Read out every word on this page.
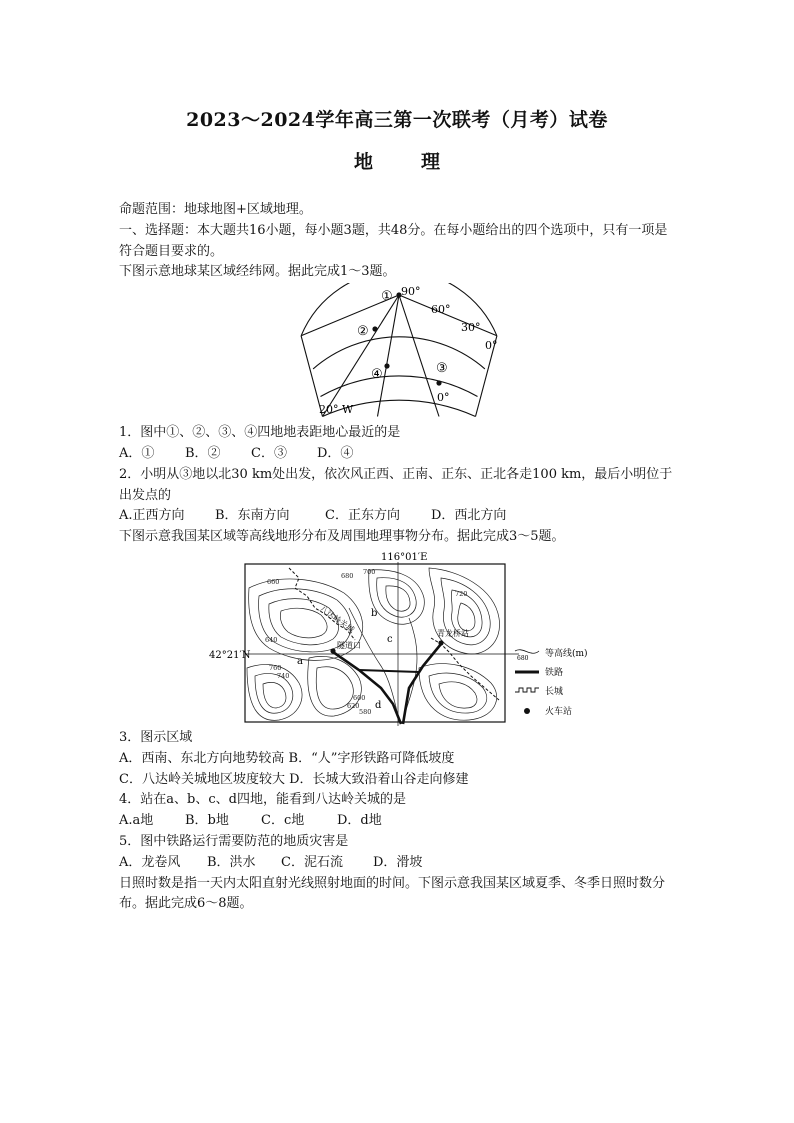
2023～2024学年高三第一次联考（月考）试卷
地	理

命题范围：地球地图+区域地理。

一、选择题：本大题共16小题，每小题3题，共48分。在每小题给出的四个选项中，只有一项是符合题目要求的。

下图示意地球某区域经纬网。据此完成1～3题。

①
②
④	③
90°
60°
30°
0°
0°
20° W

1．图中①、②、③、④四地地表距地心最近的是

A．① B．② C．③ D．④

2．小明从③地以北30 km处出发，依次风正西、正南、正东、正北各走100 km，最后小明位于出发点的

A.正西方向 B．东南方向	C．正东方向 D．西北方向

下图示意我国某区域等高线地形分布及周围地理事物分布。据此完成3～5题。

116°01′E
42°21′N
八达岭关城	青龙桥站
隧道口
a
b
c
d
680 700
660
640
620
600
580
760
740
720
680 等高线(m)
铁路
长城
火车站

3．图示区域

A．西南、东北方向地势较高 B．“人”字形铁路可降低坡度

C．八达岭关城地区坡度较大 D．长城大致沿着山谷走向修建

4．站在a、b、c、d四地，能看到八达岭关城的是

A.a地 B．b地 C．c地	D．d地

5．图中铁路运行需要防范的地质灾害是

A．龙卷风 B．洪水 C．泥石流 D．滑坡

日照时数是指一天内太阳直射光线照射地面的时间。下图示意我国某区域夏季、冬季日照时数分布。据此完成6～8题。
